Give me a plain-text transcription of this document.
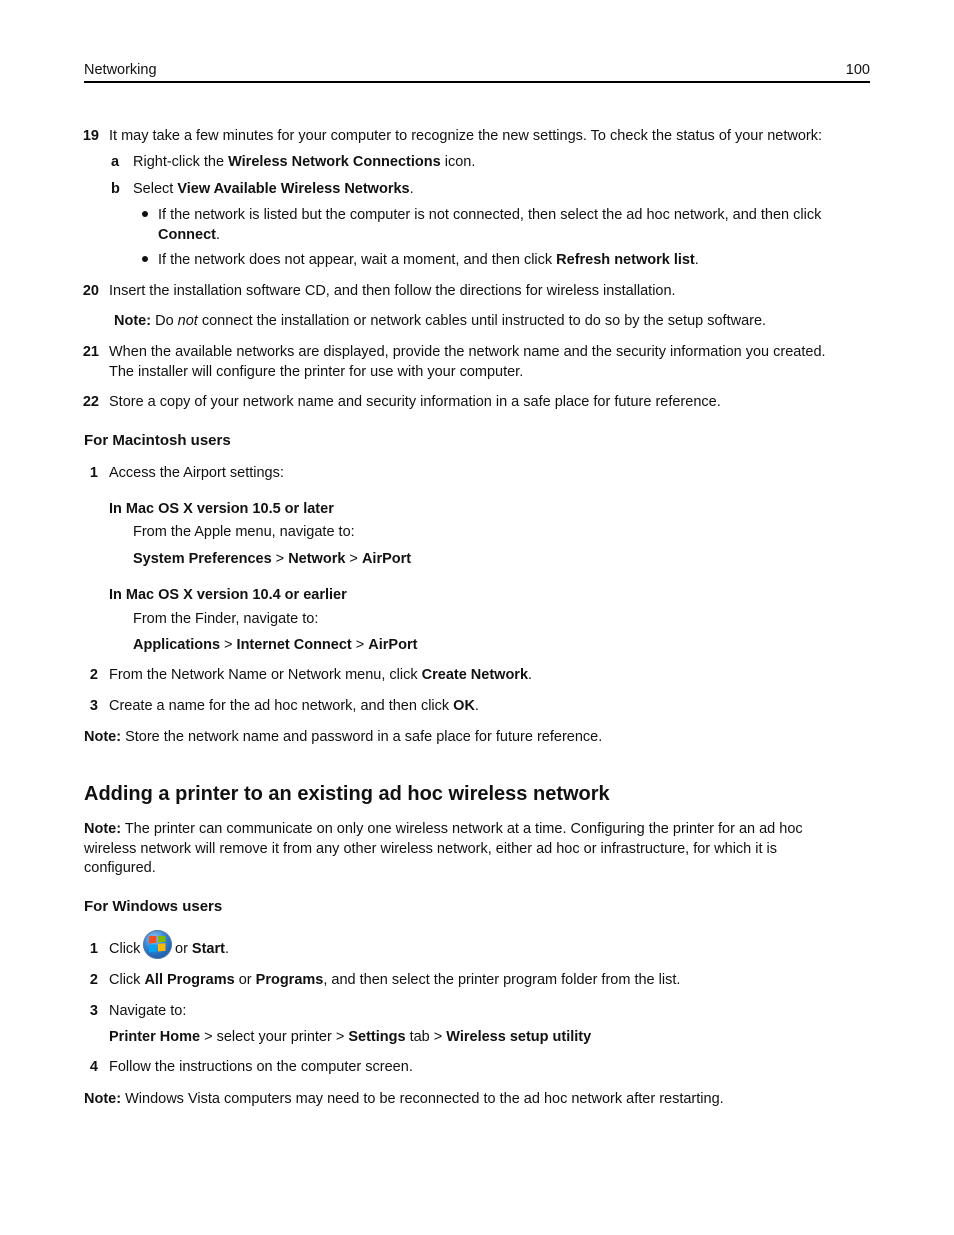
Networking	100
19 It may take a few minutes for your computer to recognize the new settings. To check the status of your network:
a Right-click the Wireless Network Connections icon.
b Select View Available Wireless Networks.
If the network is listed but the computer is not connected, then select the ad hoc network, and then click
Connect.
If the network does not appear, wait a moment, and then click Refresh network list.
20 Insert the installation software CD, and then follow the directions for wireless installation.
Note: Do not connect the installation or network cables until instructed to do so by the setup software.
21 When the available networks are displayed, provide the network name and the security information you created.
The installer will configure the printer for use with your computer.
22 Store a copy of your network name and security information in a safe place for future reference.
For Macintosh users
1 Access the Airport settings:
In Mac OS X version 10.5 or later
From the Apple menu, navigate to:
System Preferences > Network > AirPort
In Mac OS X version 10.4 or earlier
From the Finder, navigate to:
Applications > Internet Connect > AirPort
2 From the Network Name or Network menu, click Create Network.
3 Create a name for the ad hoc network, and then click OK.
Note: Store the network name and password in a safe place for future reference.
Adding a printer to an existing ad hoc wireless network
Note: The printer can communicate on only one wireless network at a time. Configuring the printer for an ad hoc
wireless network will remove it from any other wireless network, either ad hoc or infrastructure, for which it is
configured.
For Windows users
1 Click or Start.
2 Click All Programs or Programs, and then select the printer program folder from the list.
3 Navigate to:
Printer Home > select your printer > Settings tab > Wireless setup utility
4 Follow the instructions on the computer screen.
Note: Windows Vista computers may need to be reconnected to the ad hoc network after restarting.
